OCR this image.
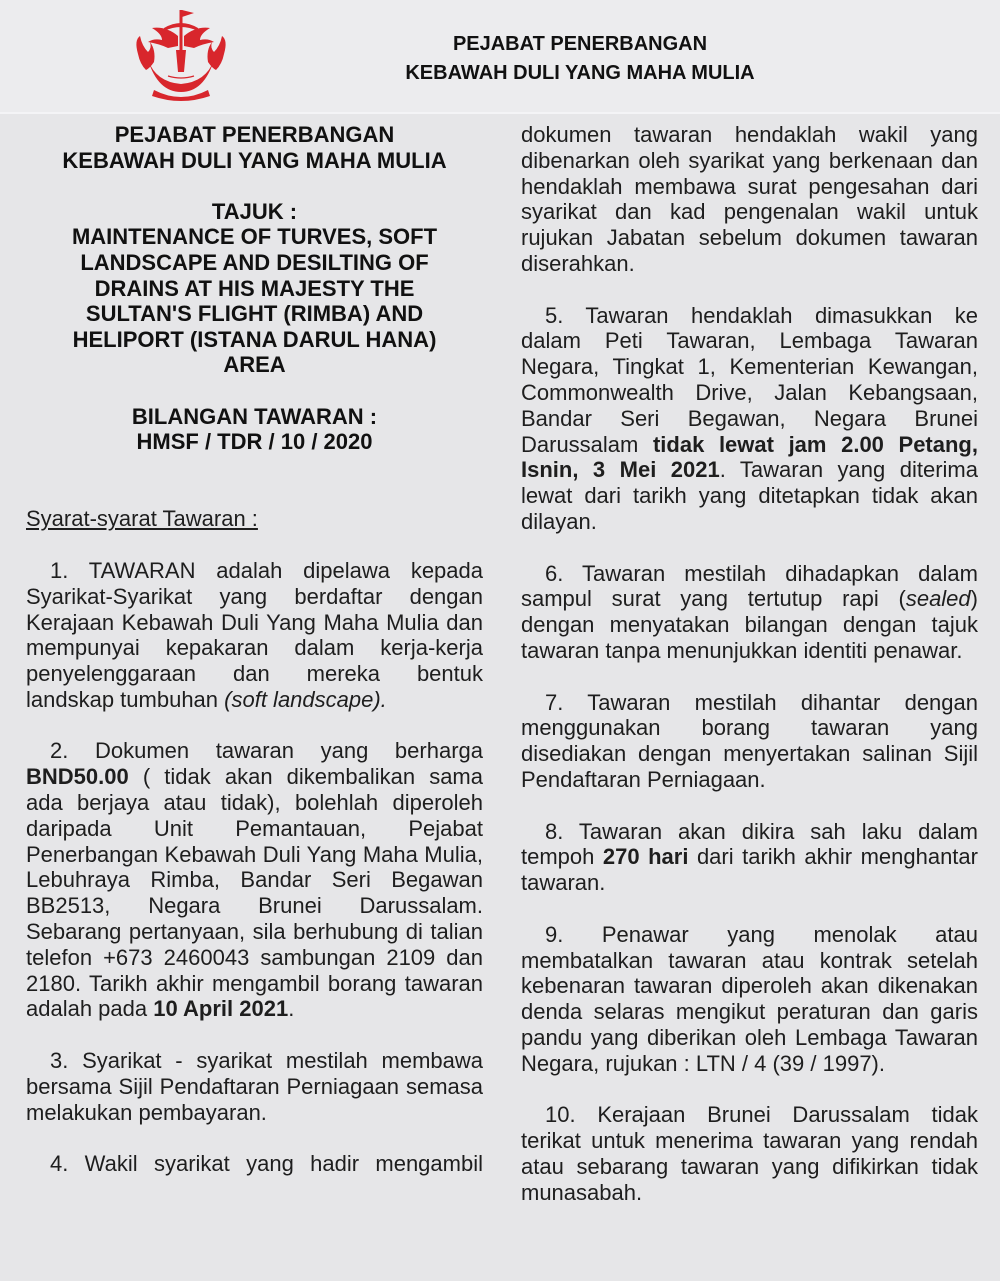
PEJABAT PENERBANGAN
KEBAWAH DULI YANG MAHA MULIA
PEJABAT PENERBANGAN
KEBAWAH DULI YANG MAHA MULIA
TAJUK :
MAINTENANCE OF TURVES, SOFT
LANDSCAPE AND DESILTING OF
DRAINS AT HIS MAJESTY THE
SULTAN'S FLIGHT (RIMBA) AND
HELIPORT (ISTANA DARUL HANA)
AREA
BILANGAN TAWARAN :
HMSF / TDR / 10 / 2020

Syarat-syarat Tawaran :

1. TAWARAN adalah dipelawa kepada Syarikat-Syarikat yang berdaftar dengan Kerajaan Kebawah Duli Yang Maha Mulia dan mempunyai kepakaran dalam kerja-kerja penyelenggaraan dan mereka bentuk landskap tumbuhan (soft landscape).

2. Dokumen tawaran yang berharga BND50.00 ( tidak akan dikembalikan sama ada berjaya atau tidak), bolehlah diperoleh daripada Unit Pemantauan, Pejabat Penerbangan Kebawah Duli Yang Maha Mulia, Lebuhraya Rimba, Bandar Seri Begawan BB2513, Negara Brunei Darussalam. Sebarang pertanyaan, sila berhubung di talian telefon +673 2460043 sambungan 2109 dan 2180. Tarikh akhir mengambil borang tawaran adalah pada 10 April 2021.

3. Syarikat - syarikat mestilah membawa bersama Sijil Pendaftaran Perniagaan semasa melakukan pembayaran.

4. Wakil syarikat yang hadir mengambil

dokumen tawaran hendaklah wakil yang dibenarkan oleh syarikat yang berkenaan dan hendaklah membawa surat pengesahan dari syarikat dan kad pengenalan wakil untuk rujukan Jabatan sebelum dokumen tawaran diserahkan.

5. Tawaran hendaklah dimasukkan ke dalam Peti Tawaran, Lembaga Tawaran Negara, Tingkat 1, Kementerian Kewangan, Commonwealth Drive, Jalan Kebangsaan, Bandar Seri Begawan, Negara Brunei Darussalam tidak lewat jam 2.00 Petang, Isnin, 3 Mei 2021. Tawaran yang diterima lewat dari tarikh yang ditetapkan tidak akan dilayan.

6. Tawaran mestilah dihadapkan dalam sampul surat yang tertutup rapi (sealed) dengan menyatakan bilangan dengan tajuk tawaran tanpa menunjukkan identiti penawar.

7. Tawaran mestilah dihantar dengan menggunakan borang tawaran yang disediakan dengan menyertakan salinan Sijil Pendaftaran Perniagaan.

8. Tawaran akan dikira sah laku dalam tempoh 270 hari dari tarikh akhir menghantar tawaran.

9. Penawar yang menolak atau membatalkan tawaran atau kontrak setelah kebenaran tawaran diperoleh akan dikenakan denda selaras mengikut peraturan dan garis pandu yang diberikan oleh Lembaga Tawaran Negara, rujukan : LTN / 4 (39 / 1997).

10. Kerajaan Brunei Darussalam tidak terikat untuk menerima tawaran yang rendah atau sebarang tawaran yang difikirkan tidak munasabah.
